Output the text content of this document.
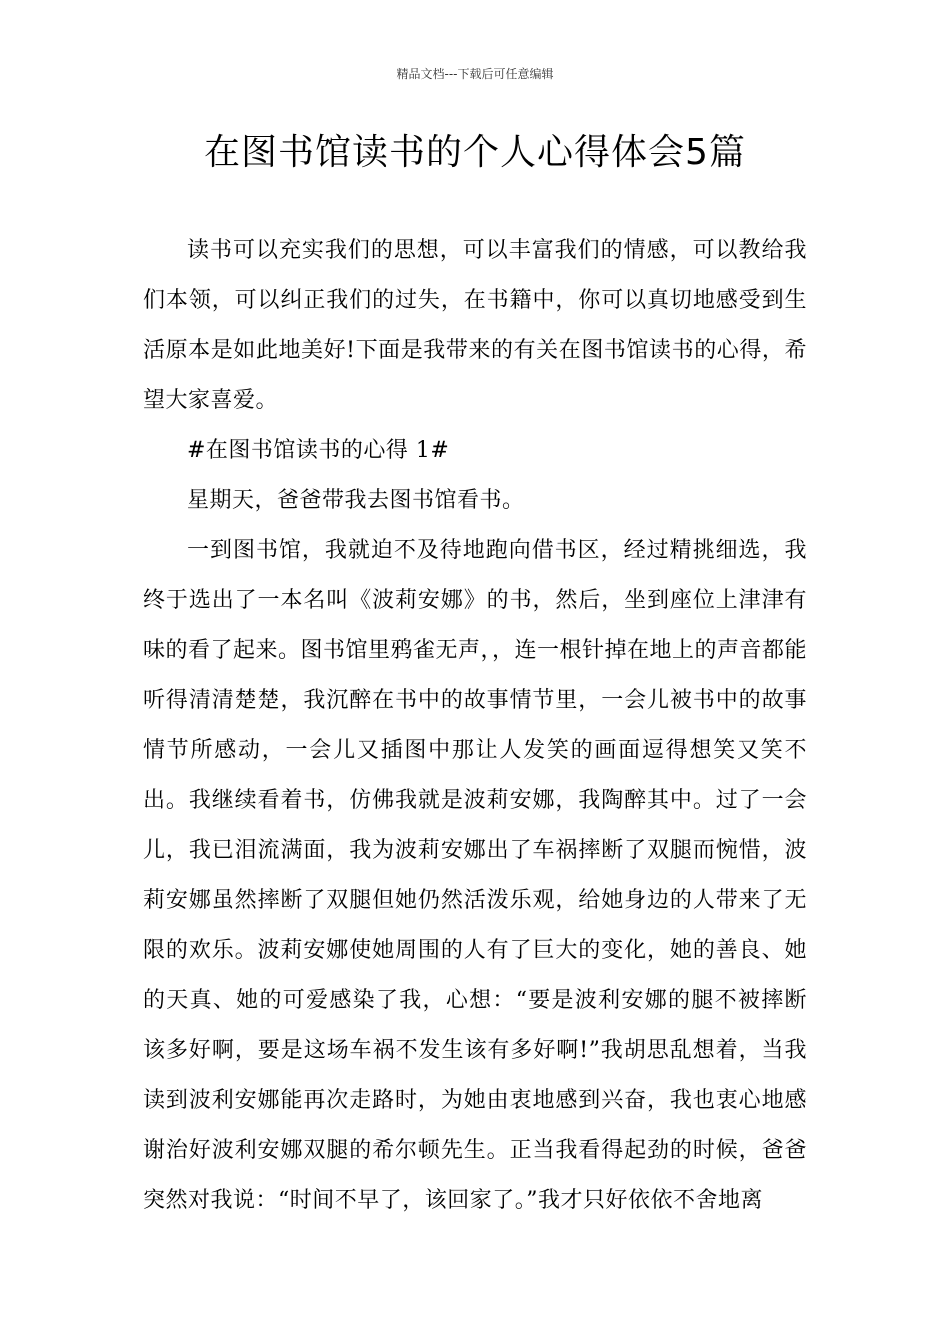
精品文档---下载后可任意编辑
在图书馆读书的个人心得体会5篇

读书可以充实我们的思想，可以丰富我们的情感，可以教给我们本领，可以纠正我们的过失，在书籍中，你可以真切地感受到生活原本是如此地美好!下面是我带来的有关在图书馆读书的心得，希望大家喜爱。

#在图书馆读书的心得 1#

星期天，爸爸带我去图书馆看书。

一到图书馆，我就迫不及待地跑向借书区，经过精挑细选，我终于选出了一本名叫《波莉安娜》的书，然后，坐到座位上津津有味的看了起来。图书馆里鸦雀无声，，连一根针掉在地上的声音都能听得清清楚楚，我沉醉在书中的故事情节里，一会儿被书中的故事情节所感动，一会儿又插图中那让人发笑的画面逗得想笑又笑不出。我继续看着书，仿佛我就是波莉安娜，我陶醉其中。过了一会儿，我已泪流满面，我为波莉安娜出了车祸摔断了双腿而惋惜，波莉安娜虽然摔断了双腿但她仍然活泼乐观，给她身边的人带来了无限的欢乐。波莉安娜使她周围的人有了巨大的变化，她的善良、她的天真、她的可爱感染了我，心想：“要是波利安娜的腿不被摔断该多好啊，要是这场车祸不发生该有多好啊!”我胡思乱想着，当我读到波利安娜能再次走路时，为她由衷地感到兴奋，我也衷心地感谢治好波利安娜双腿的希尔顿先生。正当我看得起劲的时候，爸爸突然对我说：“时间不早了，该回家了。”我才只好依依不舍地离
